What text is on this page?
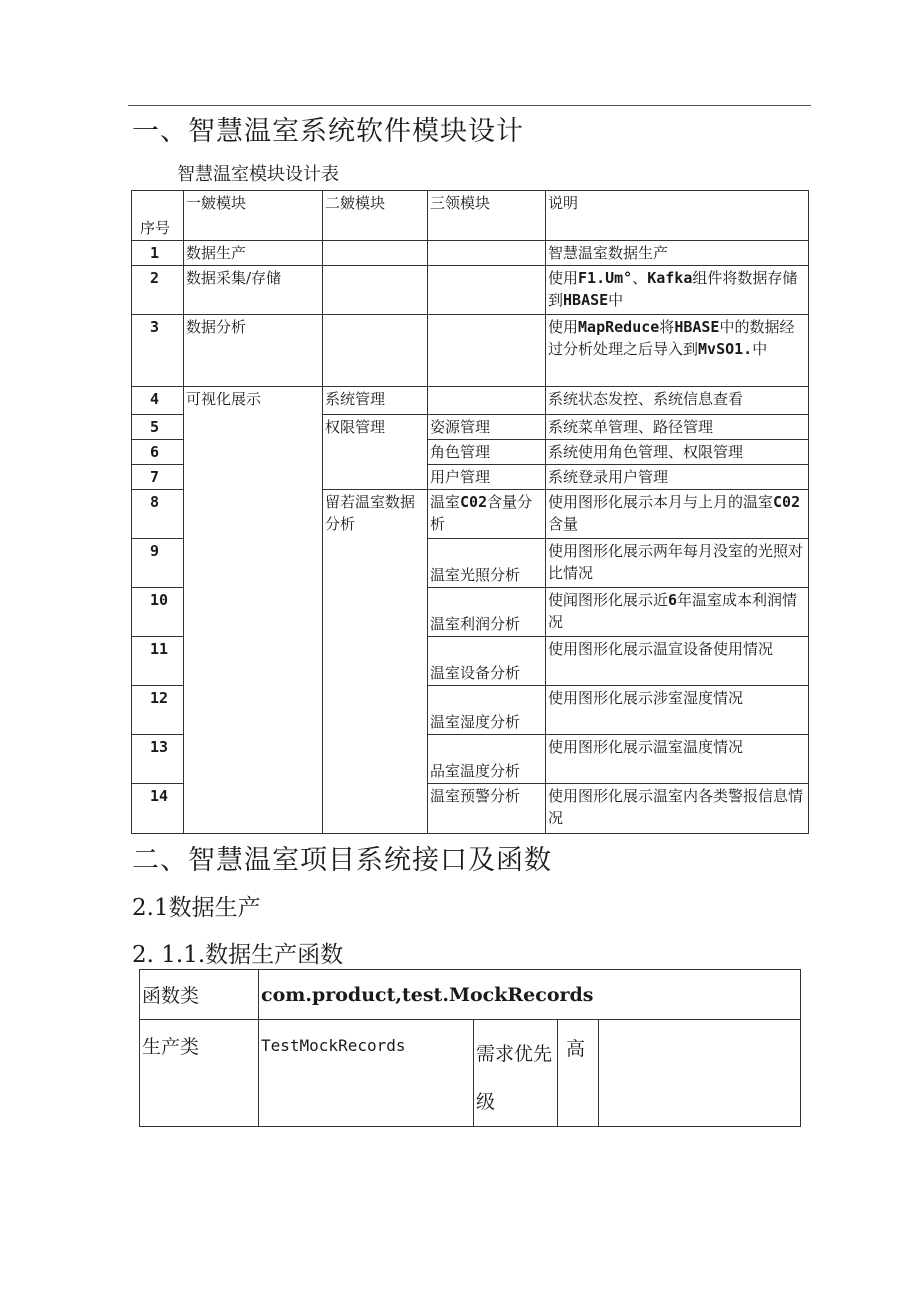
一、智慧温室系统软件模块设计
智慧温室模块设计表
序号	一皴模块	二皴模块	三领模块	说明
1	数据生产			智慧温室数据生产
2	数据采集/存储			使用F1.Um°、Kafka组件将数据存储到HBASE中
3	数据分析			使用MapReduce将HBASE中的数据经过分析处理之后导入到MvSO1.中
4	可视化展示	系统管理		系统状态发控、系统信息查看
5		权限管理	姿源管理	系统菜单管理、路径管理
6			角色管理	系统使用角色管理、权限管理
7			用户管理	系统登录用户管理
8		留若温室数据分析	温室C02含量分析	使用图形化展示本月与上月的温室C02含量
9			温室光照分析	使用图形化展示两年每月没室的光照对比情况
10			温室利润分析	使闻图形化展示近6年温室成本利润情况
11			温室设备分析	使用图形化展示温宣设备使用情况
12			温室湿度分析	使用图形化展示涉室湿度情况
13			品室温度分析	使用图形化展示温室温度情况
14			温室预警分析	使用图形化展示温室内各类警报信息情况
二、智慧温室项目系统接口及函数
2.1数据生产
2. 1.1.数据生产函数
函数类	com.product,test.MockRecords			
生产类	TestMockRecords	需求优先级	高	
